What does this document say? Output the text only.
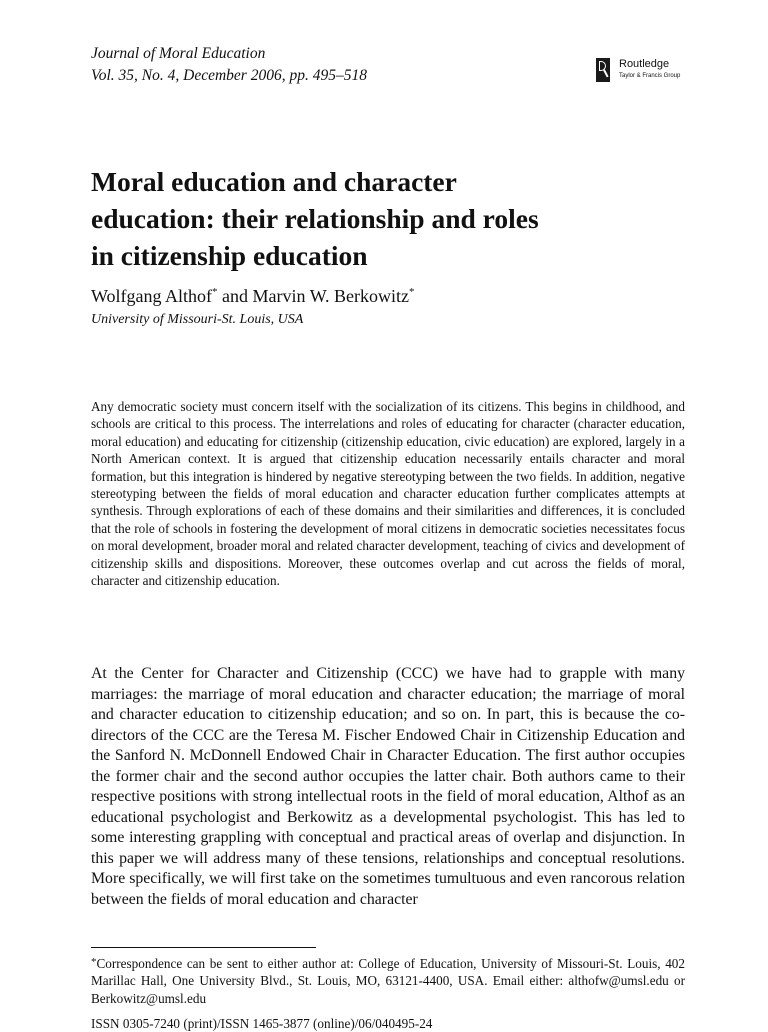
Journal of Moral Education
Vol. 35, No. 4, December 2006, pp. 495–518
Routledge
Taylor & Francis Group
Moral education and character
education: their relationship and roles
in citizenship education
Wolfgang Althof* and Marvin W. Berkowitz*
University of Missouri-St. Louis, USA

Any democratic society must concern itself with the socialization of its citizens. This begins in childhood, and schools are critical to this process. The interrelations and roles of educating for character (character education, moral education) and educating for citizenship (citizenship education, civic education) are explored, largely in a North American context. It is argued that citizenship education necessarily entails character and moral formation, but this integration is hindered by negative stereotyping between the two fields. In addition, negative stereotyping between the fields of moral education and character education further complicates attempts at synthesis. Through explorations of each of these domains and their similarities and differences, it is concluded that the role of schools in fostering the development of moral citizens in democratic societies necessitates focus on moral development, broader moral and related character development, teaching of civics and development of citizenship skills and dispositions. Moreover, these outcomes overlap and cut across the fields of moral, character and citizenship education.

At the Center for Character and Citizenship (CCC) we have had to grapple with many marriages: the marriage of moral education and character education; the marriage of moral and character education to citizenship education; and so on. In part, this is because the co-directors of the CCC are the Teresa M. Fischer Endowed Chair in Citizenship Education and the Sanford N. McDonnell Endowed Chair in Character Education. The first author occupies the former chair and the second author occupies the latter chair. Both authors came to their respective positions with strong intellectual roots in the field of moral education, Althof as an educational psychologist and Berkowitz as a developmental psychologist. This has led to some interesting grappling with conceptual and practical areas of overlap and disjunction. In this paper we will address many of these tensions, relationships and conceptual resolutions. More specifically, we will first take on the sometimes tumultuous and even rancorous relation between the fields of moral education and character

*Correspondence can be sent to either author at: College of Education, University of Missouri-St. Louis, 402 Marillac Hall, One University Blvd., St. Louis, MO, 63121-4400, USA. Email either: althofw@umsl.edu or Berkowitz@umsl.edu

ISSN 0305-7240 (print)/ISSN 1465-3877 (online)/06/040495-24
